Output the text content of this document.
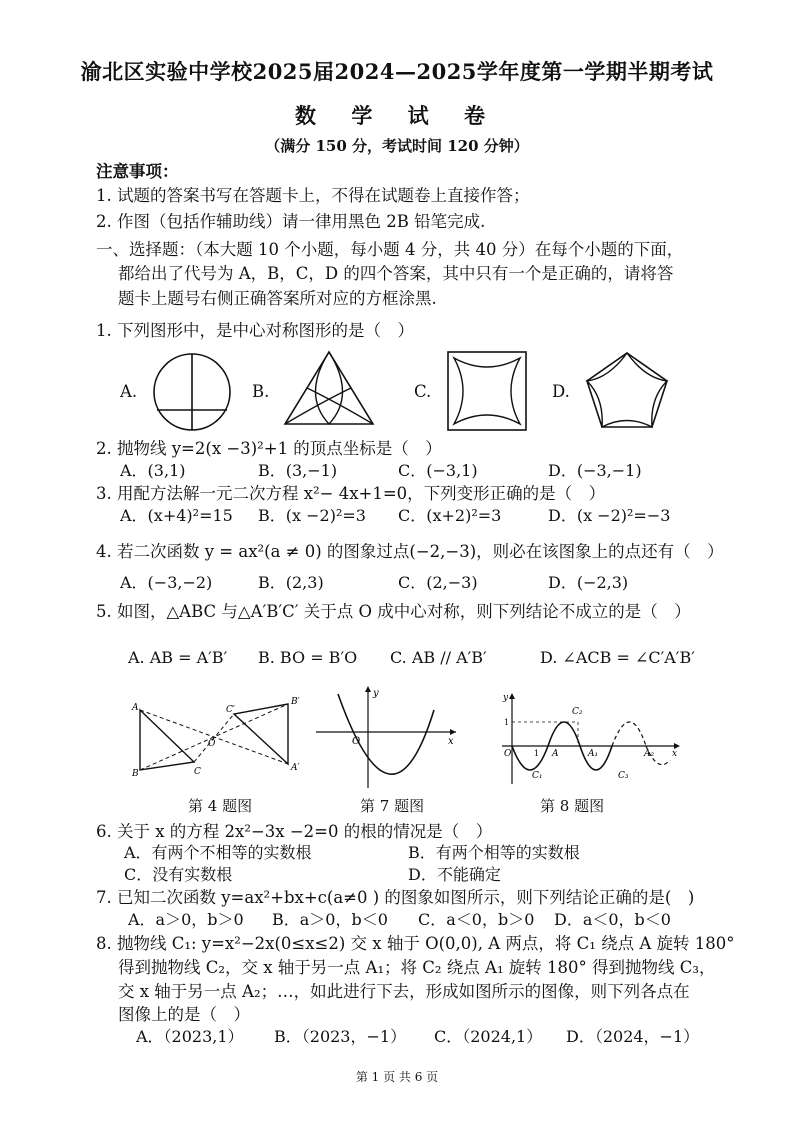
渝北区实验中学校2025届2024—2025学年度第一学期半期考试
数 学 试 卷
（满分 150 分，考试时间 120 分钟）
注意事项：
1. 试题的答案书写在答题卡上，不得在试题卷上直接作答；
2. 作图（包括作辅助线）请一律用黑色 2B 铅笔完成.
一、选择题：（本大题 10 个小题，每小题 4 分，共 40 分）在每个小题的下面，
都给出了代号为 A，B，C，D 的四个答案，其中只有一个是正确的，请将答
题卡上题号右侧正确答案所对应的方框涂黑.
1. 下列图形中，是中心对称图形的是（　）
A.	B.	C.	D.
2. 抛物线 y=2(x −3)²+1 的顶点坐标是（　）
A．(3,1)	B．(3,−1)	C．(−3,1)	D．(−3,−1)
3. 用配方法解一元二次方程 x²− 4x+1=0，下列变形正确的是（　）
A．(x+4)²=15 B．(x −2)²=3 C．(x+2)²=3	D．(x −2)²=−3
4. 若二次函数 y = ax²(a ≠ 0) 的图象过点(−2,−3)，则必在该图象上的点还有（　）
A．(−3,−2)	B．(2,3)	C．(2,−3)	D．(−2,3)
5. 如图，△ABC 与△A′B′C′ 关于点 O 成中心对称，则下列结论不成立的是（　）
A. AB = A′B′ B. BO = B′O C. AB // A′B′	D. ∠ACB = ∠C′A′B′
A
B	C
O
C′
B′
A′
y
O	x
y
1
O	1 A
C₂
A₁
C₁	C₃
A₂ x
第 4 题图	第 7 题图	第 8 题图
6. 关于 x 的方程 2x²−3x −2=0 的根的情况是（　）
A．有两个不相等的实数根	B．有两个相等的实数根
C．没有实数根	D．不能确定
7. 已知二次函数 y=ax²+bx+c(a≠0 ) 的图象如图所示，则下列结论正确的是(　)
A．a＞0，b＞0 B．a＞0，b＜0 C．a＜0，b＞0 D．a＜0，b＜0
8. 抛物线 C₁: y=x²−2x(0≤x≤2) 交 x 轴于 O(0,0), A 两点，将 C₁ 绕点 A 旋转 180°
得到抛物线 C₂，交 x 轴于另一点 A₁；将 C₂ 绕点 A₁ 旋转 180° 得到抛物线 C₃，
交 x 轴于另一点 A₂；…，如此进行下去，形成如图所示的图像，则下列各点在
图像上的是（　）
A．（2023,1） B．（2023，−1） C．（2024,1） D．（2024，−1）
第 1 页 共 6 页
